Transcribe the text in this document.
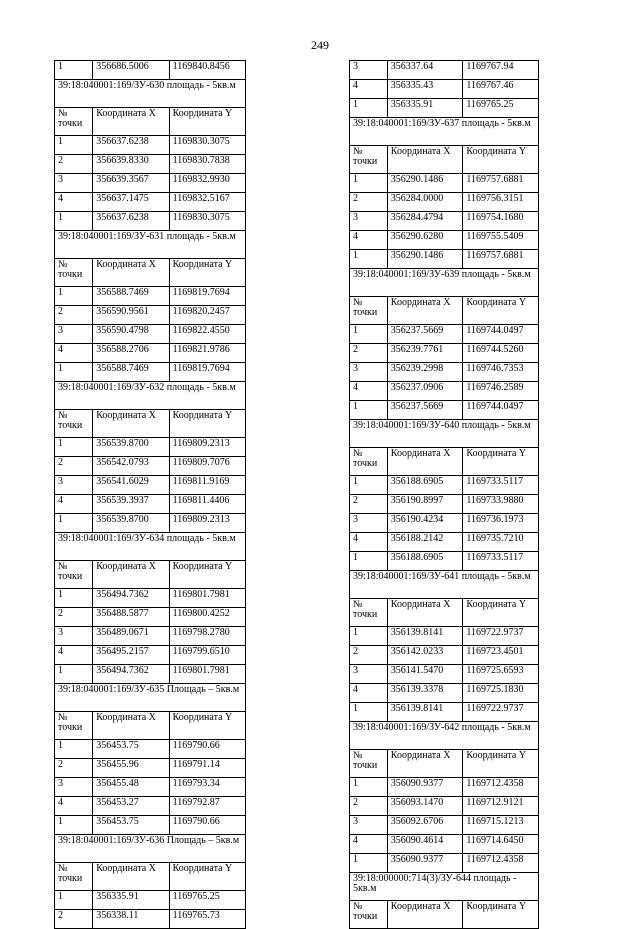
249
1	356686.5006	1169840.8456
39:18:040001:169/ЗУ-630 площадь - 5кв.м		
№ точки	Координата X	Координата Y
1	356637.6238	1169830.3075
2	356639.8330	1169830.7838
3	356639.3567	1169832.9930
4	356637.1475	1169832.5167
1	356637.6238	1169830.3075
39:18:040001:169/ЗУ-631 площадь - 5кв.м		
№ точки	Координата X	Координата Y
1	356588.7469	1169819.7694
2	356590.9561	1169820.2457
3	356590.4798	1169822.4550
4	356588.2706	1169821.9786
1	356588.7469	1169819.7694
39:18:040001:169/ЗУ-632 площадь - 5кв.м		
№ точки	Координата X	Координата Y
1	356539.8700	1169809.2313
2	356542.0793	1169809.7076
3	356541.6029	1169811.9169
4	356539.3937	1169811.4406
1	356539.8700	1169809.2313
39:18:040001:169/ЗУ-634 площадь - 5кв.м		
№ точки	Координата X	Координата Y
1	356494.7362	1169801.7981
2	356488.5877	1169800.4252
3	356489.0671	1169798.2780
4	356495.2157	1169799.6510
1	356494.7362	1169801.7981
39:18:040001:169/ЗУ-635 Площадь – 5кв.м		
№ точки	Координата X	Координата Y
1	356453.75	1169790.66
2	356455.96	1169791.14
3	356455.48	1169793.34
4	356453.27	1169792.87
1	356453.75	1169790.66
39:18:040001:169/ЗУ-636 Площадь – 5кв.м		
№ точки	Координата X	Координата Y
1	356335.91	1169765.25
2	356338.11	1169765.73
3	356337.64	1169767.94
4	356335.43	1169767.46
1	356335.91	1169765.25
39:18:040001:169/ЗУ-637 площадь - 5кв.м		
№ точки	Координата X	Координата Y
1	356290.1486	1169757.6881
2	356284.0000	1169756.3151
3	356284.4794	1169754.1680
4	356290.6280	1169755.5409
1	356290.1486	1169757.6881
39:18:040001:169/ЗУ-639 площадь - 5кв.м		
№ точки	Координата X	Координата Y
1	356237.5669	1169744.0497
2	356239.7761	1169744.5260
3	356239.2998	1169746.7353
4	356237.0906	1169746.2589
1	356237.5669	1169744.0497
39:18:040001:169/ЗУ-640 площадь - 5кв.м		
№ точки	Координата X	Координата Y
1	356188.6905	1169733.5117
2	356190.8997	1169733.9880
3	356190.4234	1169736.1973
4	356188.2142	1169735.7210
1	356188.6905	1169733.5117
39:18:040001:169/ЗУ-641 площадь - 5кв.м		
№ точки	Координата X	Координата Y
1	356139.8141	1169722.9737
2	356142.0233	1169723.4501
3	356141.5470	1169725.6593
4	356139.3378	1169725.1830
1	356139.8141	1169722.9737
39:18:040001:169/ЗУ-642 площадь - 5кв.м		
№ точки	Координата X	Координата Y
1	356090.9377	1169712.4358
2	356093.1470	1169712.9121
3	356092.6706	1169715.1213
4	356090.4614	1169714.6450
1	356090.9377	1169712.4358
39:18:000000:714(3)/ЗУ-644 площадь - 5кв.м		
№ точки	Координата X	Координата Y
